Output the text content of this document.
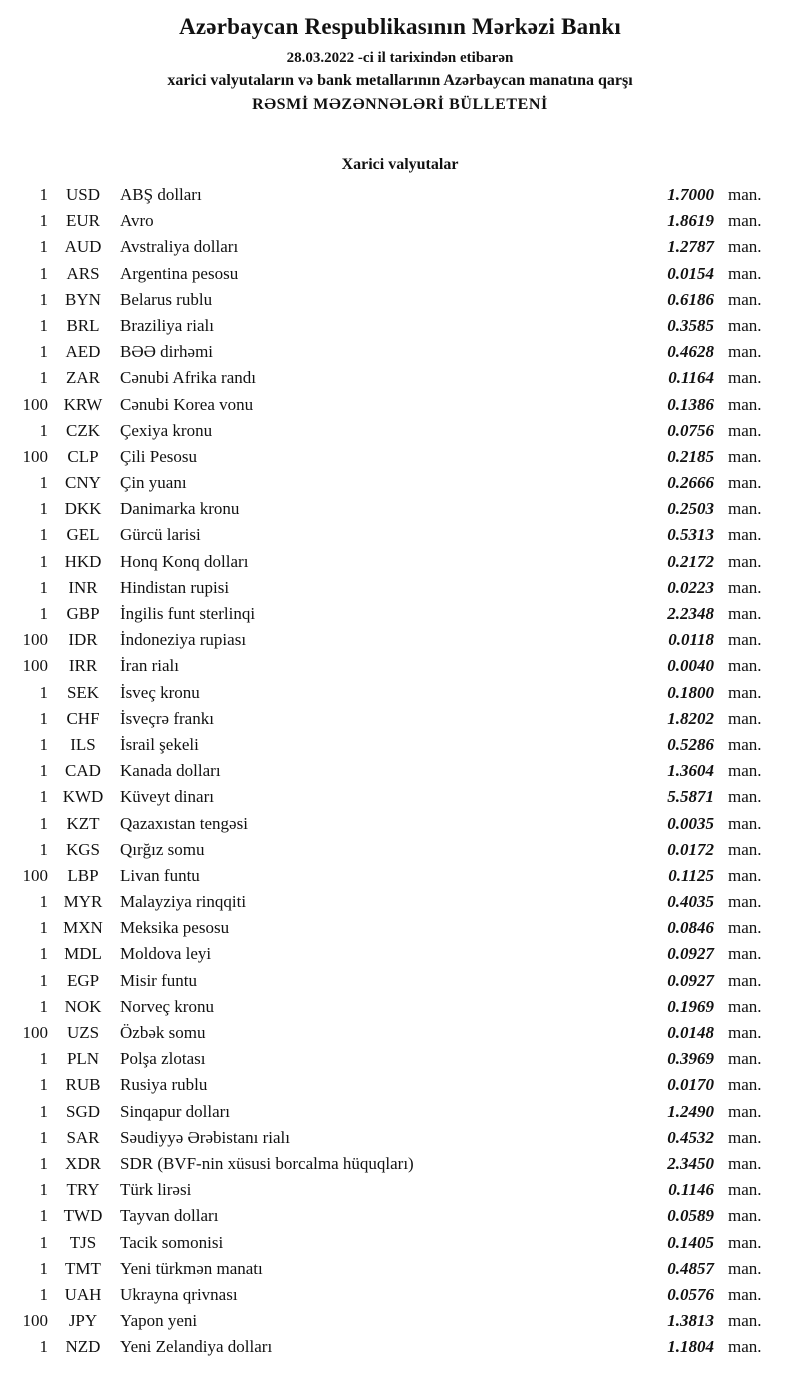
Azərbaycan Respublikasının Mərkəzi Bankı
28.03.2022 -ci il tarixindən etibarən
xarici valyutaların və bank metallarının Azərbaycan manatına qarşı
RƏSMİ MƏZƏNNƏLƏRİ BÜLLETENİ
Xarici valyutalar
1	USD	ABŞ dolları	1.7000 man.
1	EUR	Avro	1.8619 man.
1 AUD	Avstraliya dolları	1.2787 man.
1	ARS	Argentina pesosu	0.0154 man.
1	BYN	Belarus rublu	0.6186 man.
1	BRL	Braziliya rialı	0.3585 man.
1	AED	BƏƏ dirhəmi	0.4628 man.
1	ZAR	Cənubi Afrika randı	0.1164 man.
100 KRW	Cənubi Korea vonu	0.1386 man.
1	CZK	Çexiya kronu	0.0756 man.
100	CLP	Çili Pesosu	0.2185 man.
1	CNY	Çin yuanı	0.2666 man.
1 DKK	Danimarka kronu	0.2503 man.
1	GEL	Gürcü larisi	0.5313 man.
1 HKD	Honq Konq dolları	0.2172 man.
1	INR	Hindistan rupisi	0.0223 man.
1	GBP	İngilis funt sterlinqi	2.2348 man.
100	IDR	İndoneziya rupiası	0.0118 man.
100	IRR	İran rialı	0.0040 man.
1	SEK	İsveç kronu	0.1800 man.
1	CHF	İsveçrə frankı	1.8202 man.
1	ILS	İsrail şekeli	0.5286 man.
1	CAD	Kanada dolları	1.3604 man.
1 KWD Küveyt dinarı	5.5871 man.
1	KZT	Qazaxıstan tengəsi	0.0035 man.
1	KGS	Qırğız somu	0.0172 man.
100	LBP	Livan funtu	0.1125 man.
1 MYR	Malayziya rinqqiti	0.4035 man.
1 MXN	Meksika pesosu	0.0846 man.
1 MDL	Moldova leyi	0.0927 man.
1	EGP	Misir funtu	0.0927 man.
1 NOK	Norveç kronu	0.1969 man.
100	UZS	Özbək somu	0.0148 man.
1	PLN	Polşa zlotası	0.3969 man.
1	RUB	Rusiya rublu	0.0170 man.
1	SGD	Sinqapur dolları	1.2490 man.
1	SAR	Səudiyyə Ərəbistanı rialı	0.4532 man.
1	XDR	SDR (BVF-nin xüsusi borcalma hüquqları)	2.3450 man.
1	TRY	Türk lirəsi	0.1146 man.
1 TWD	Tayvan dolları	0.0589 man.
1	TJS	Tacik somonisi	0.1405 man.
1	TMT	Yeni türkmən manatı	0.4857 man.
1 UAH	Ukrayna qrivnası	0.0576 man.
100	JPY	Yapon yeni	1.3813 man.
1	NZD	Yeni Zelandiya dolları	1.1804 man.
